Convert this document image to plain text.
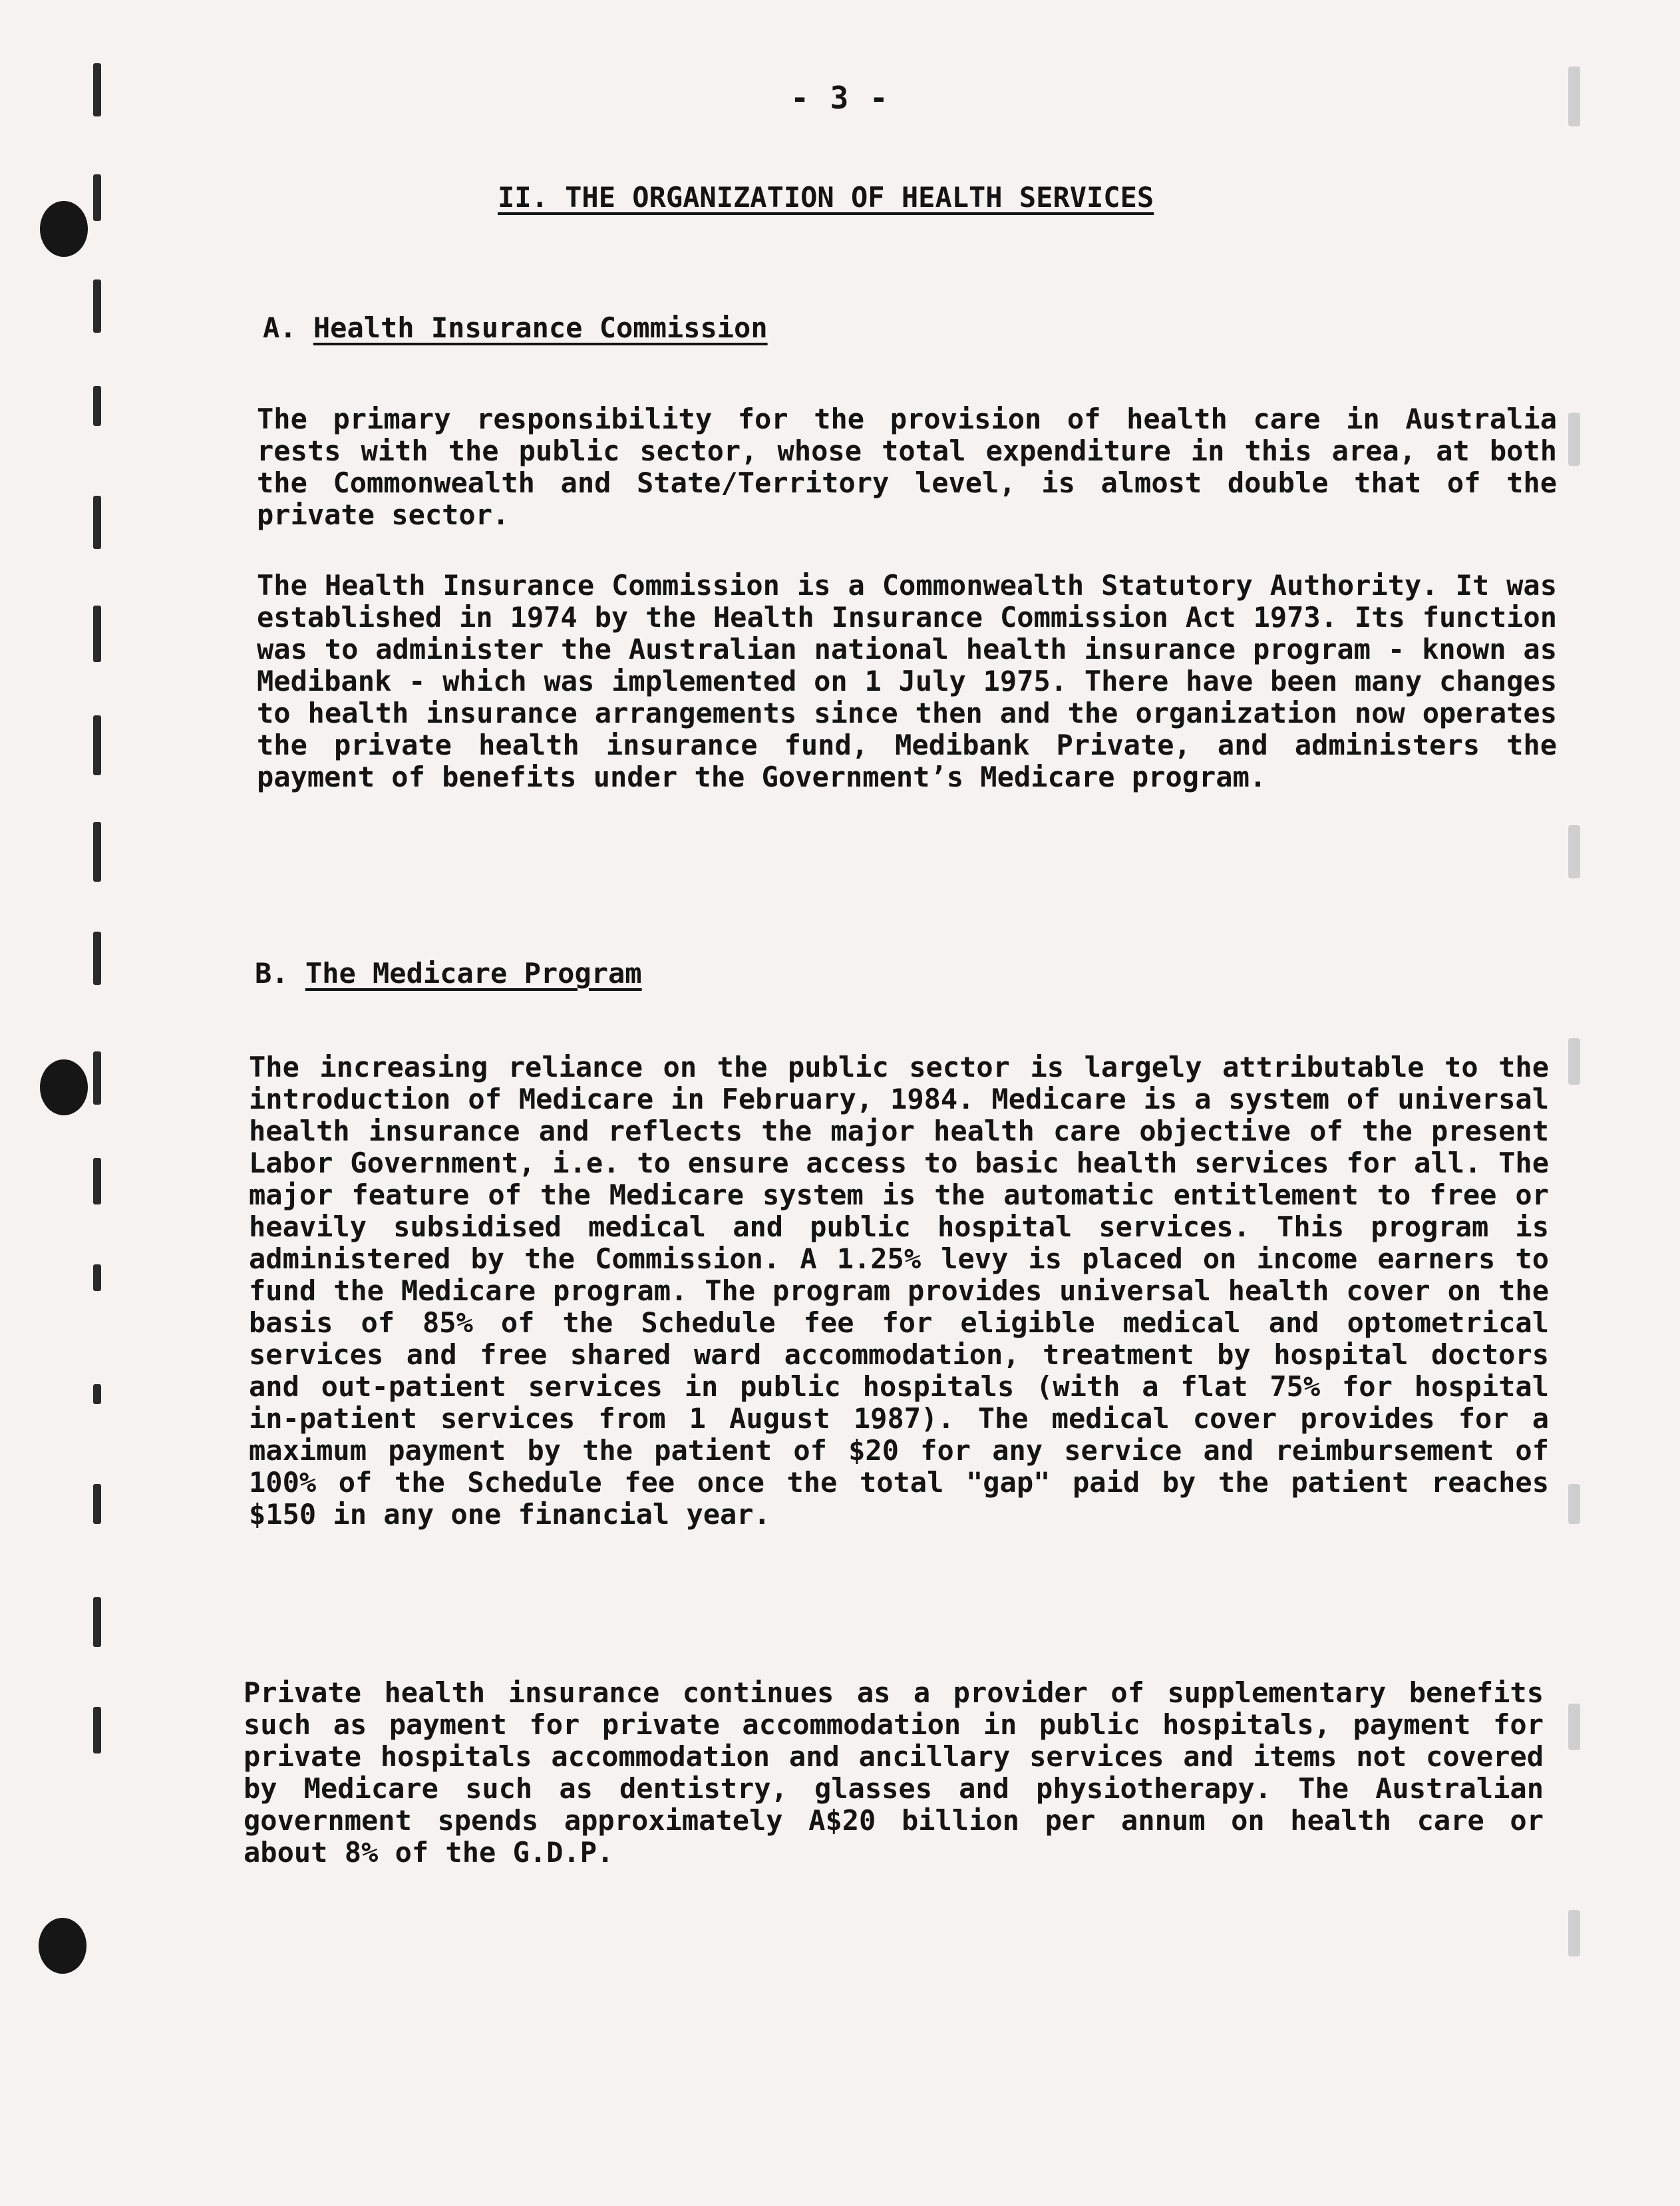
- 3 -
II. THE ORGANIZATION OF HEALTH SERVICES
A. Health Insurance Commission

The primary responsibility for the provision of health care in Australia rests with the public sector, whose total expenditure in this area, at both the Commonwealth and State/Territory level, is almost double that of the private sector.

The Health Insurance Commission is a Commonwealth Statutory Authority. It was established in 1974 by the Health Insurance Commission Act 1973. Its function was to administer the Australian national health insurance program - known as Medibank - which was implemented on 1 July 1975. There have been many changes to health insurance arrangements since then and the organization now operates the private health insurance fund, Medibank Private, and administers the payment of benefits under the Government’s Medicare program.

B. The Medicare Program

The increasing reliance on the public sector is largely attributable to the introduction of Medicare in February, 1984. Medicare is a system of universal health insurance and reflects the major health care objective of the present Labor Government, i.e. to ensure access to basic health services for all. The major feature of the Medicare system is the automatic entitlement to free or heavily subsidised medical and public hospital services. This program is administered by the Commission. A 1.25% levy is placed on income earners to fund the Medicare program. The program provides universal health cover on the basis of 85% of the Schedule fee for eligible medical and optometrical services and free shared ward accommodation, treatment by hospital doctors and out-patient services in public hospitals (with a flat 75% for hospital in-patient services from 1 August 1987). The medical cover provides for a maximum payment by the patient of $20 for any service and reimbursement of 100% of the Schedule fee once the total "gap" paid by the patient reaches $150 in any one financial year.

Private health insurance continues as a provider of supplementary benefits such as payment for private accommodation in public hospitals, payment for private hospitals accommodation and ancillary services and items not covered by Medicare such as dentistry, glasses and physiotherapy. The Australian government spends approximately A$20 billion per annum on health care or about 8% of the G.D.P.
